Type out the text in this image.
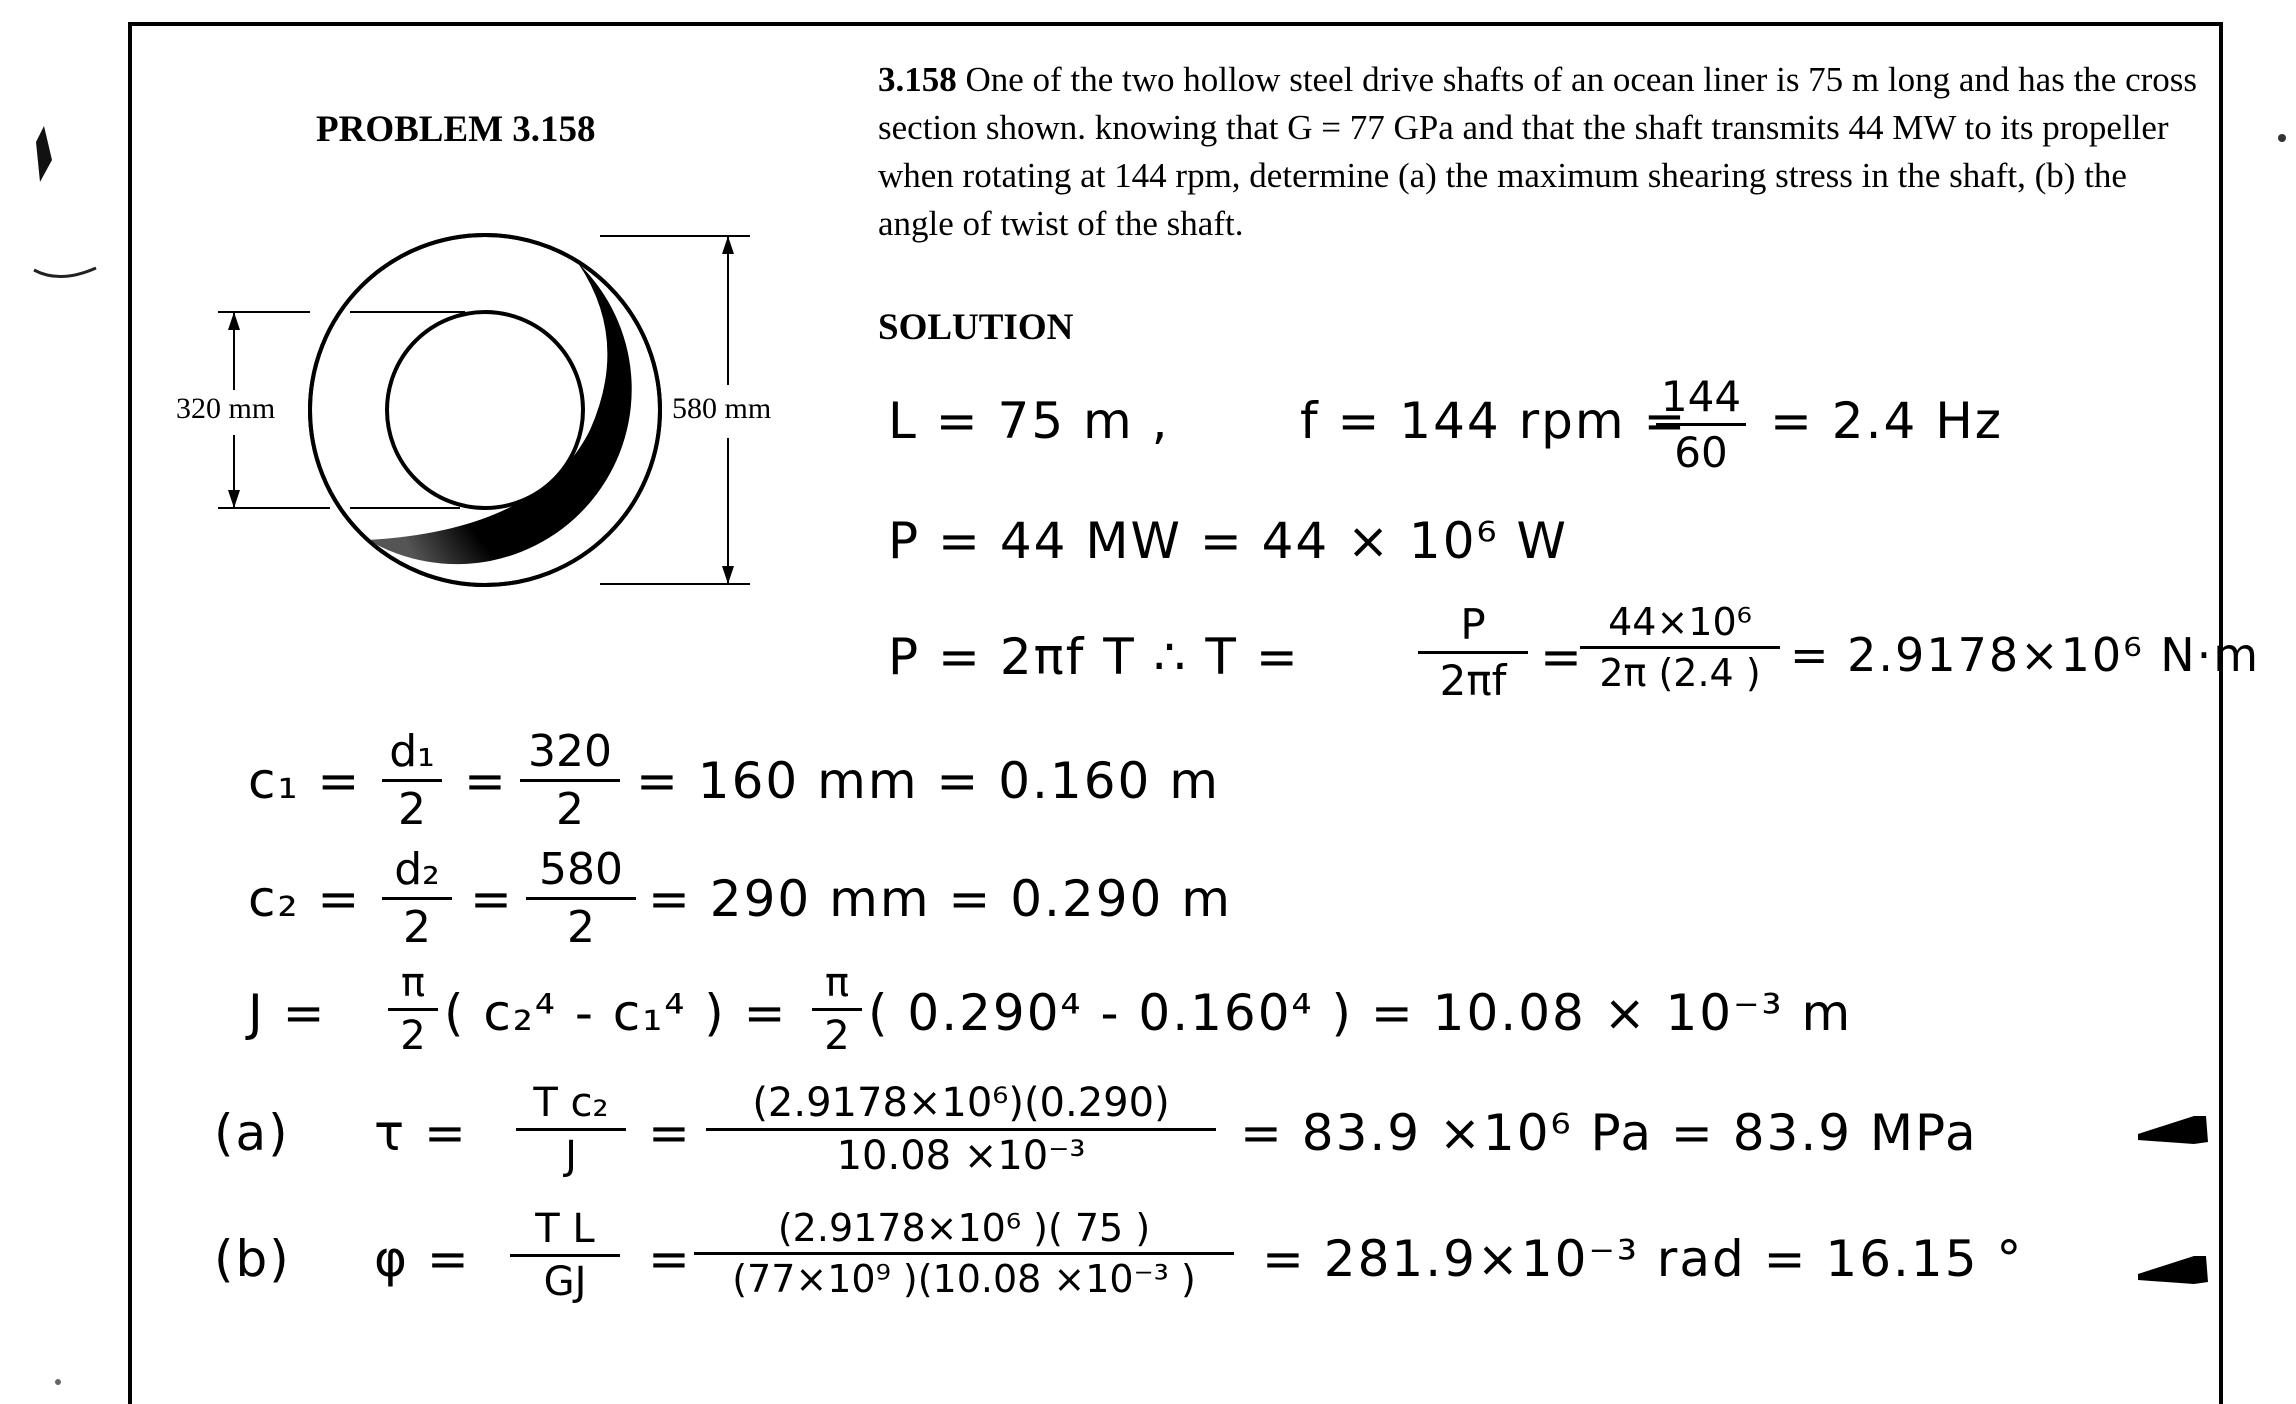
PROBLEM 3.158
3.158 One of the two hollow steel drive shafts of an ocean liner is 75 m long and has the cross section shown. knowing that G = 77 GPa and that the shaft transmits 44 MW to its propeller when rotating at 144 rpm, determine (a) the maximum shearing stress in the shaft, (b) the angle of twist of the shaft.
320 mm	580 mm
SOLUTION
L = 75 m ,	f = 144 rpm =
144
60
= 2.4 Hz
P = 44 MW = 44 × 10⁶ W
P = 2πf T ∴ T =
P
2πf =
44×10⁶
2π (2.4 ) = 2.9178×10⁶ N·m
c₁ =
d₁
2 =
320
2	= 160 mm = 0.160 m
c₂ =
d₂
2 =
580
2	= 290 mm = 0.290 m
J =
π
2 ( c₂⁴ - c₁⁴ ) =
π
2 ( 0.290⁴ - 0.160⁴ ) = 10.08 × 10⁻³ m
(a) τ =
T c₂
J	=
(2.9178×10⁶)(0.290)
10.08 ×10⁻³	= 83.9 ×10⁶ Pa = 83.9 MPa
(b) φ =
T L
GJ	=
(2.9178×10⁶ )( 75 )
(77×10⁹ )(10.08 ×10⁻³ )	= 281.9×10⁻³ rad = 16.15 °
